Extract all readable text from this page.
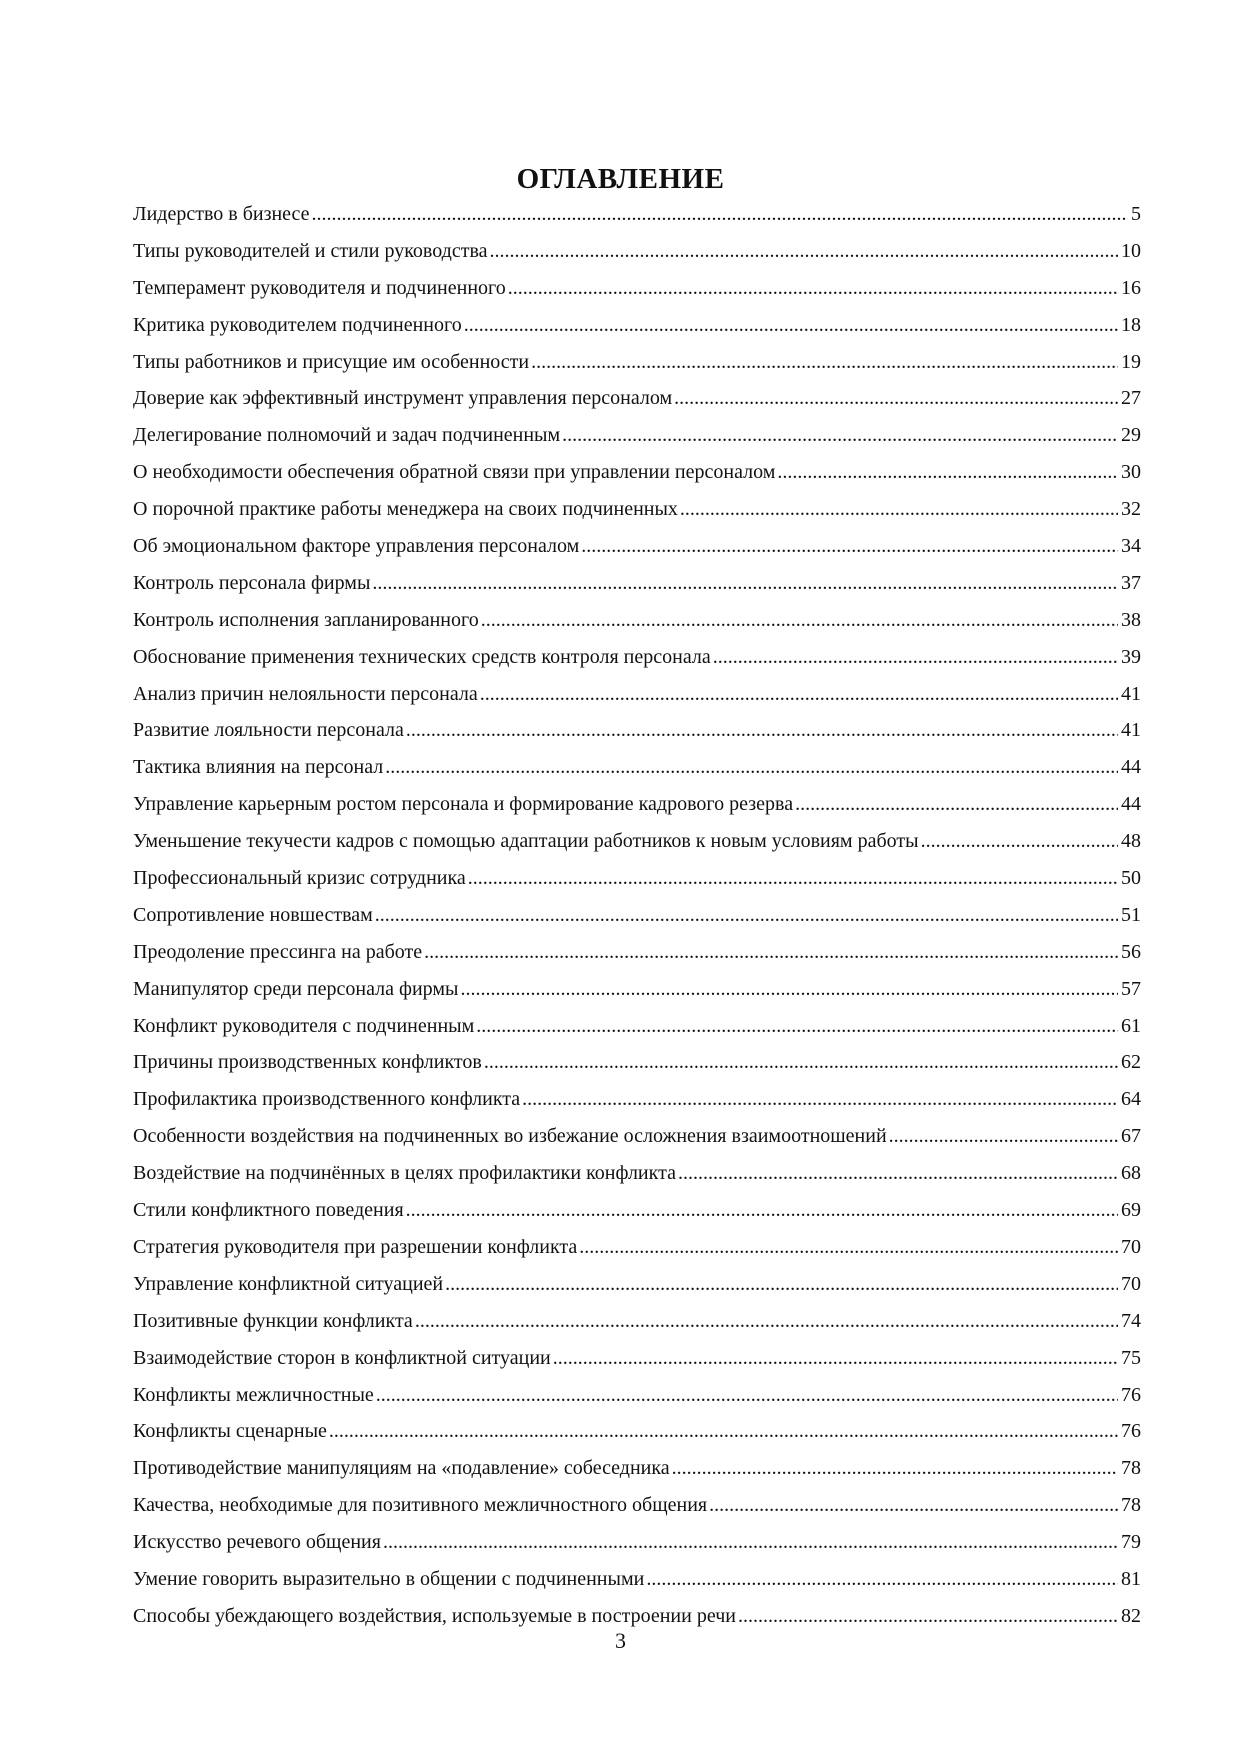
ОГЛАВЛЕНИЕ
Лидерство в бизнесе .....	5
Типы руководителей и стили руководства .....	10
Темперамент руководителя и подчиненного .....	16
Критика руководителем подчиненного .....	18
Типы работников и присущие им особенности .....	19
Доверие как эффективный инструмент управления персоналом .....	27
Делегирование полномочий и задач подчиненным .....	29
О необходимости обеспечения обратной связи при управлении персоналом .....	30
О порочной практике работы менеджера на своих подчиненных .....	32
Об эмоциональном факторе управления персоналом .....	34
Контроль персонала фирмы .....	37
Контроль исполнения запланированного .....	38
Обоснование применения технических средств контроля персонала .....	39
Анализ причин нелояльности персонала .....	41
Развитие лояльности персонала .....	41
Тактика влияния на персонал .....	44
Управление карьерным ростом персонала и формирование кадрового резерва .....	44
Уменьшение текучести кадров с помощью адаптации работников к новым условиям работы .....	48
Профессиональный кризис сотрудника .....	50
Сопротивление новшествам .....	51
Преодоление прессинга на работе .....	56
Манипулятор среди персонала фирмы .....	57
Конфликт руководителя с подчиненным .....	61
Причины производственных конфликтов .....	62
Профилактика производственного конфликта .....	64
Особенности воздействия на подчиненных во избежание осложнения взаимоотношений .....	67
Воздействие на подчинённых в целях профилактики конфликта .....	68
Стили конфликтного поведения .....	69
Стратегия руководителя при разрешении конфликта .....	70
Управление конфликтной ситуацией .....	70
Позитивные функции конфликта .....	74
Взаимодействие сторон в конфликтной ситуации .....	75
Конфликты межличностные .....	76
Конфликты сценарные .....	76
Противодействие манипуляциям на «подавление» собеседника .....	78
Качества, необходимые для позитивного межличностного общения .....	78
Искусство речевого общения .....	79
Умение говорить выразительно в общении с подчиненными .....	81
Способы убеждающего воздействия, используемые в построении речи .....	82
3
